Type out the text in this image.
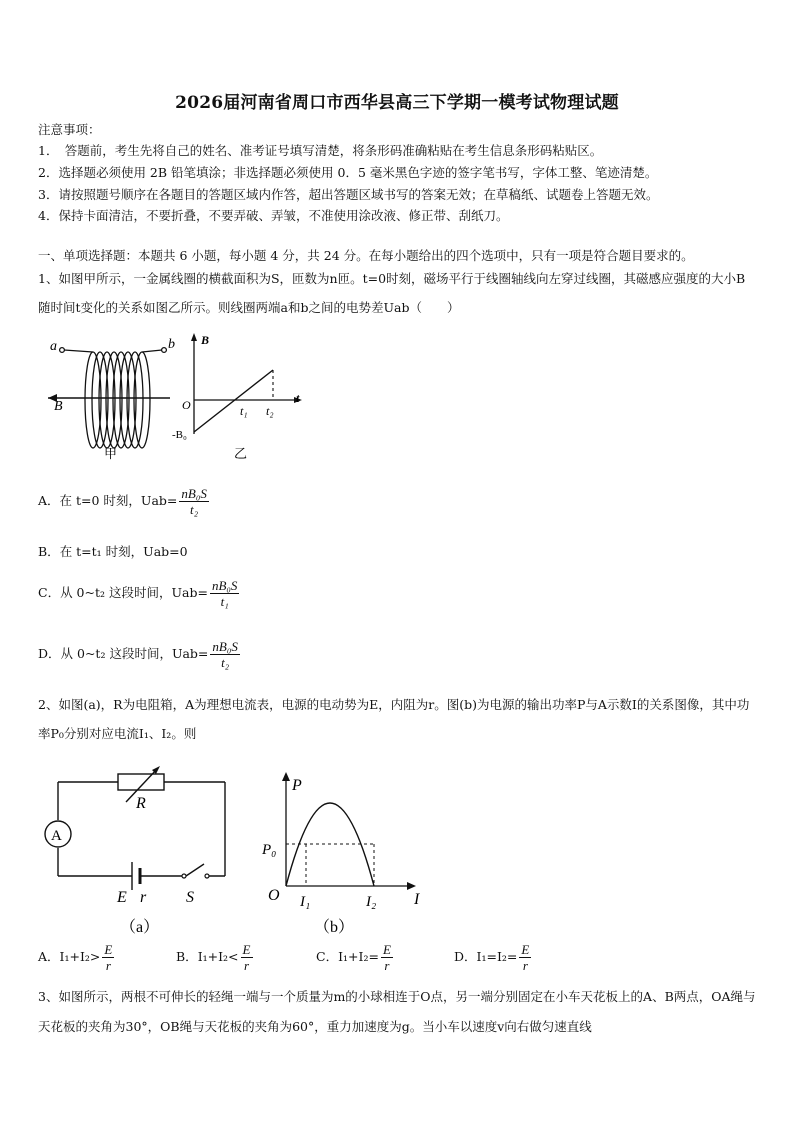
2026届河南省周口市西华县高三下学期一模考试物理试题
注意事项：
1．　答题前，考生先将自己的姓名、准考证号填写清楚，将条形码准确粘贴在考生信息条形码粘贴区。
2．选择题必须使用 2B 铅笔填涂；非选择题必须使用 0．5 毫米黑色字迹的签字笔书写，字体工整、笔迹清楚。
3．请按照题号顺序在各题目的答题区域内作答，超出答题区域书写的答案无效；在草稿纸、试题卷上答题无效。
4．保持卡面清洁，不要折叠，不要弄破、弄皱，不准使用涂改液、修正带、刮纸刀。
一、单项选择题：本题共 6 小题，每小题 4 分，共 24 分。在每小题给出的四个选项中，只有一项是符合题目要求的。
1、如图甲所示，一金属线圈的横截面积为S，匝数为n匝。t=0时刻，磁场平行于线圈轴线向左穿过线圈，其磁感应强度的大小B随时间t变化的关系如图乙所示。则线圈两端a和b之间的电势差Uab（　　）
a	b
B
甲
B
t
O	t₁ t₂
-B₀
乙
A．在 t=0 时刻，$Uab= \frac{\text{nB₀S}}{\text{t₂}}$
B．在 t=t₁ 时刻，Uab=0
C．从 0~t₂ 这段时间，$Uab= \frac{\text{nB₀S}}{\text{t₁}}$
D．从 0~t₂ 这段时间，$Uab= \frac{\text{nB₀S}}{\text{t₂}}$
2、如图(a)，R为电阻箱，A为理想电流表，电源的电动势为E，内阻为r。图(b)为电源的输出功率P与A示数I的关系图像，其中功率P₀分别对应电流I₁、I₂。则
R
A
E r S
（a）
P
I
O
P₀
I₁	I₂
（b）
A．$I_1+I_2> \frac{E}{r}$	B．$I_1+I_2< \frac{E}{r}$	C．$I_1+I_2= \frac{E}{r}$	D．$I_1=I_2= \frac{E}{r}$
3、如图所示，两根不可伸长的轻绳一端与一个质量为m的小球相连于O点，另一端分别固定在小车天花板上的A、B两点，OA绳与天花板的夹角为30°，OB绳与天花板的夹角为60°，重力加速度为g。当小车以速度v向右做匀速直线
